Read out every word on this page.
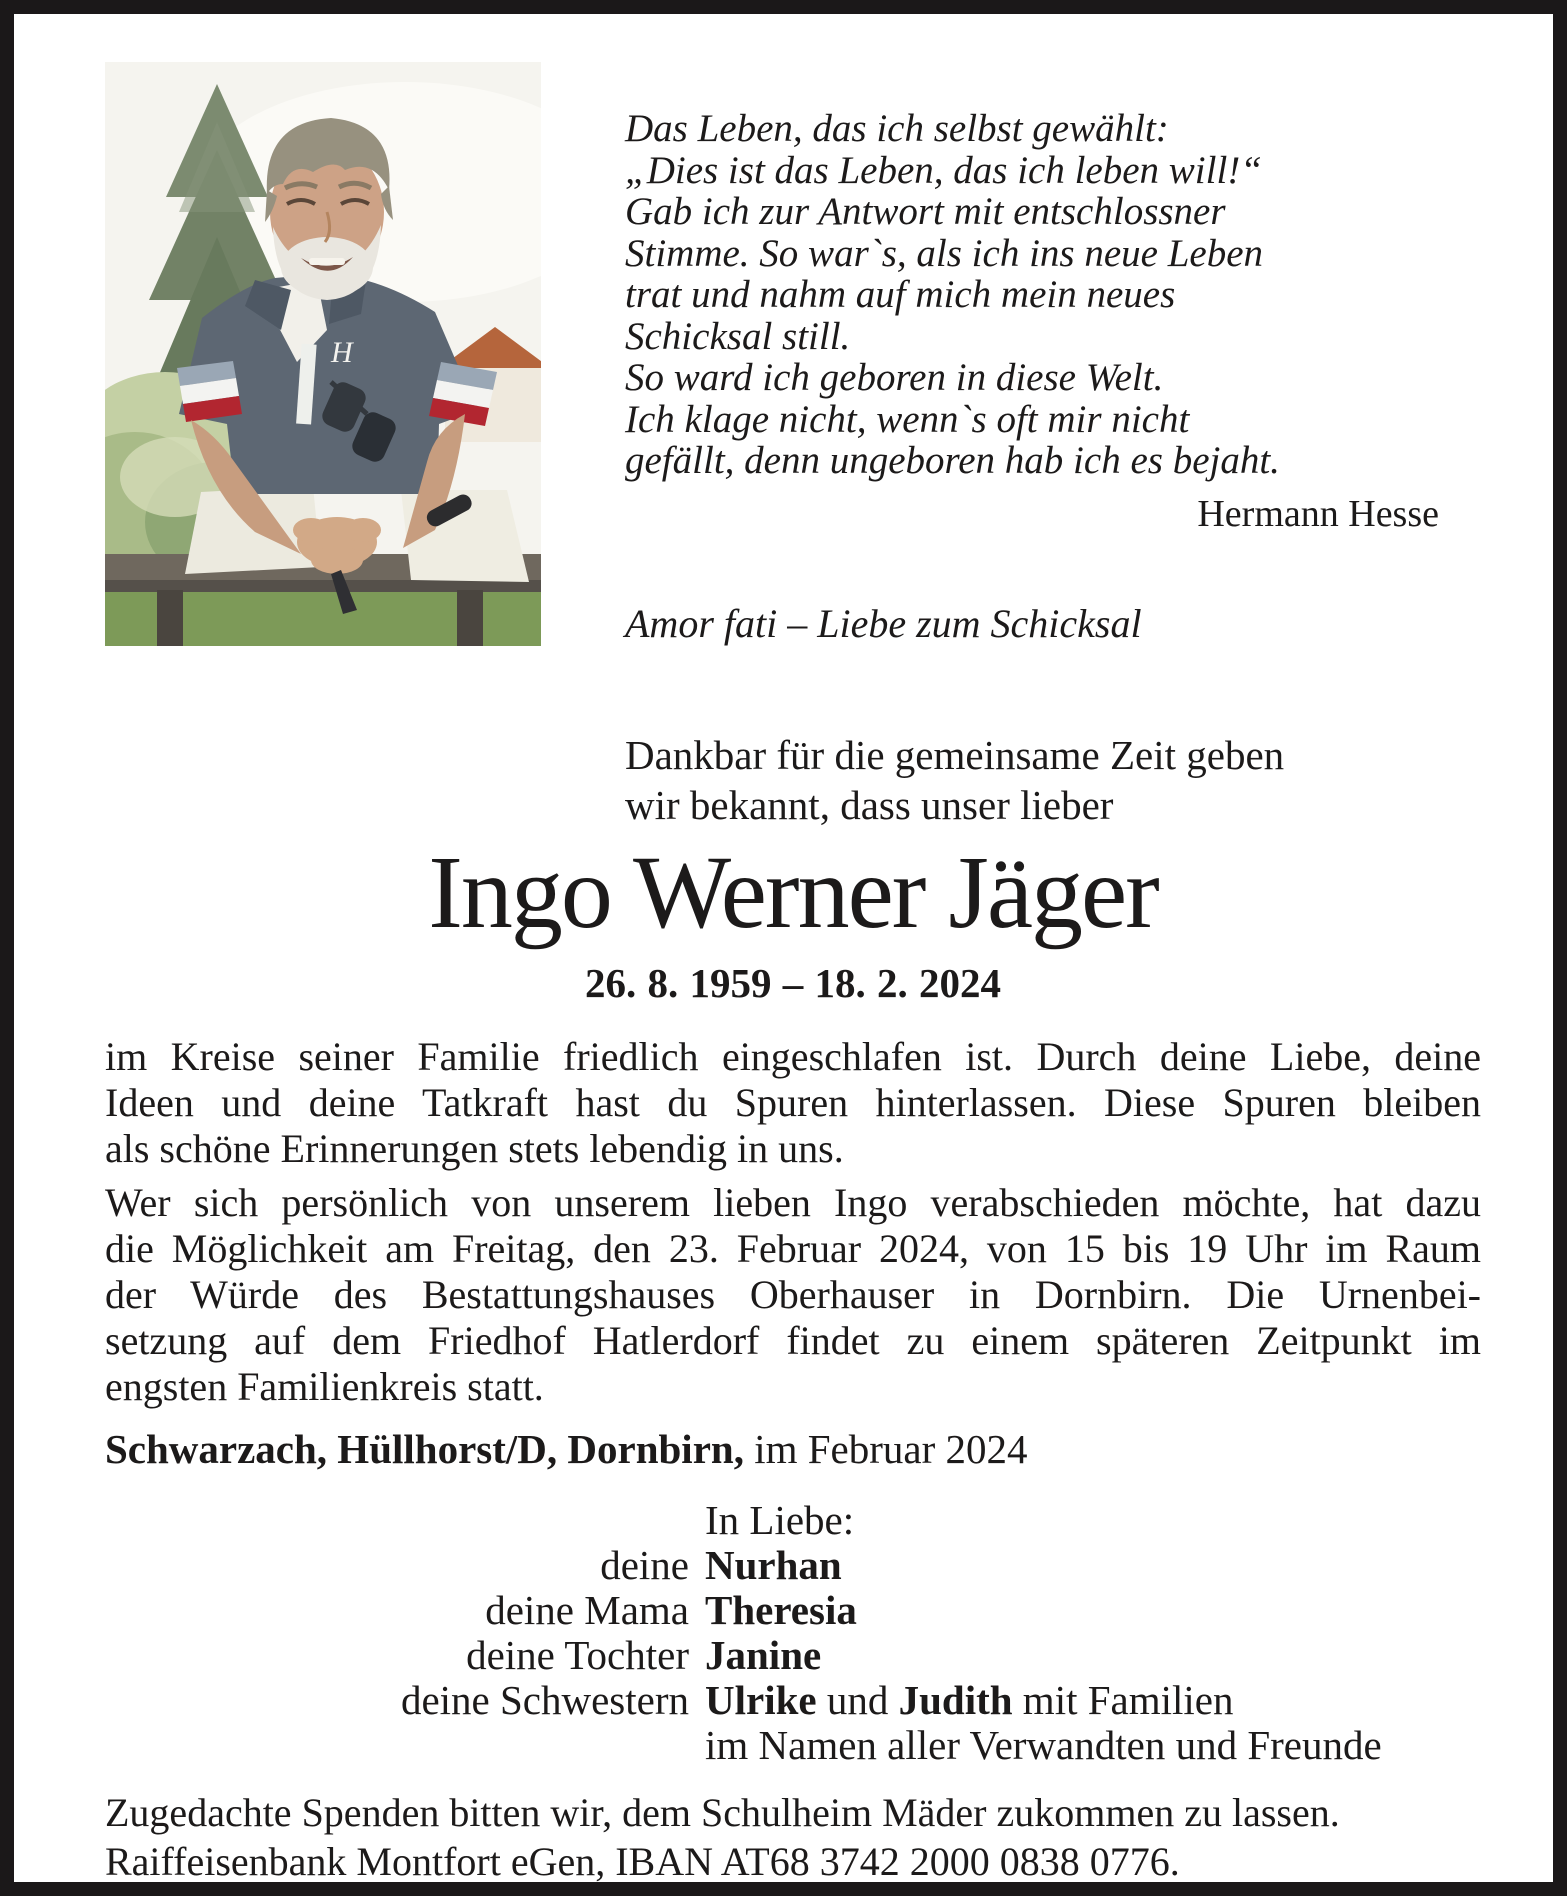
H
Das Leben, das ich selbst gewählt:
„Dies ist das Leben, das ich leben will!“
Gab ich zur Antwort mit entschlossner
Stimme. So war`s, als ich ins neue Leben
trat und nahm auf mich mein neues
Schicksal still.
So ward ich geboren in diese Welt.
Ich klage nicht, wenn`s oft mir nicht
gefällt, denn ungeboren hab ich es bejaht.
Hermann Hesse
Amor fati – Liebe zum Schicksal
Dankbar für die gemeinsame Zeit geben
wir bekannt, dass unser lieber
Ingo Werner Jäger
26. 8. 1959 – 18. 2. 2024
im Kreise seiner Familie friedlich eingeschlafen ist. Durch deine Liebe, deine
Ideen und deine Tatkraft hast du Spuren hinterlassen. Diese Spuren bleiben
als schöne Erinnerungen stets lebendig in uns.
Wer sich persönlich von unserem lieben Ingo verabschieden möchte, hat dazu
die Möglichkeit am Freitag, den 23. Februar 2024, von 15 bis 19 Uhr im Raum
der Würde des Bestattungshauses Oberhauser in Dornbirn. Die Urnenbei-
setzung auf dem Friedhof Hatlerdorf findet zu einem späteren Zeitpunkt im
engsten Familienkreis statt.
Schwarzach, Hüllhorst/D, Dornbirn, im Februar 2024
In Liebe:
deine Nurhan
deine Mama Theresia
deine Tochter Janine
deine Schwestern Ulrike und Judith mit Familien
im Namen aller Verwandten und Freunde
Zugedachte Spenden bitten wir, dem Schulheim Mäder zukommen zu lassen.
Raiffeisenbank Montfort eGen, IBAN AT68 3742 2000 0838 0776.
